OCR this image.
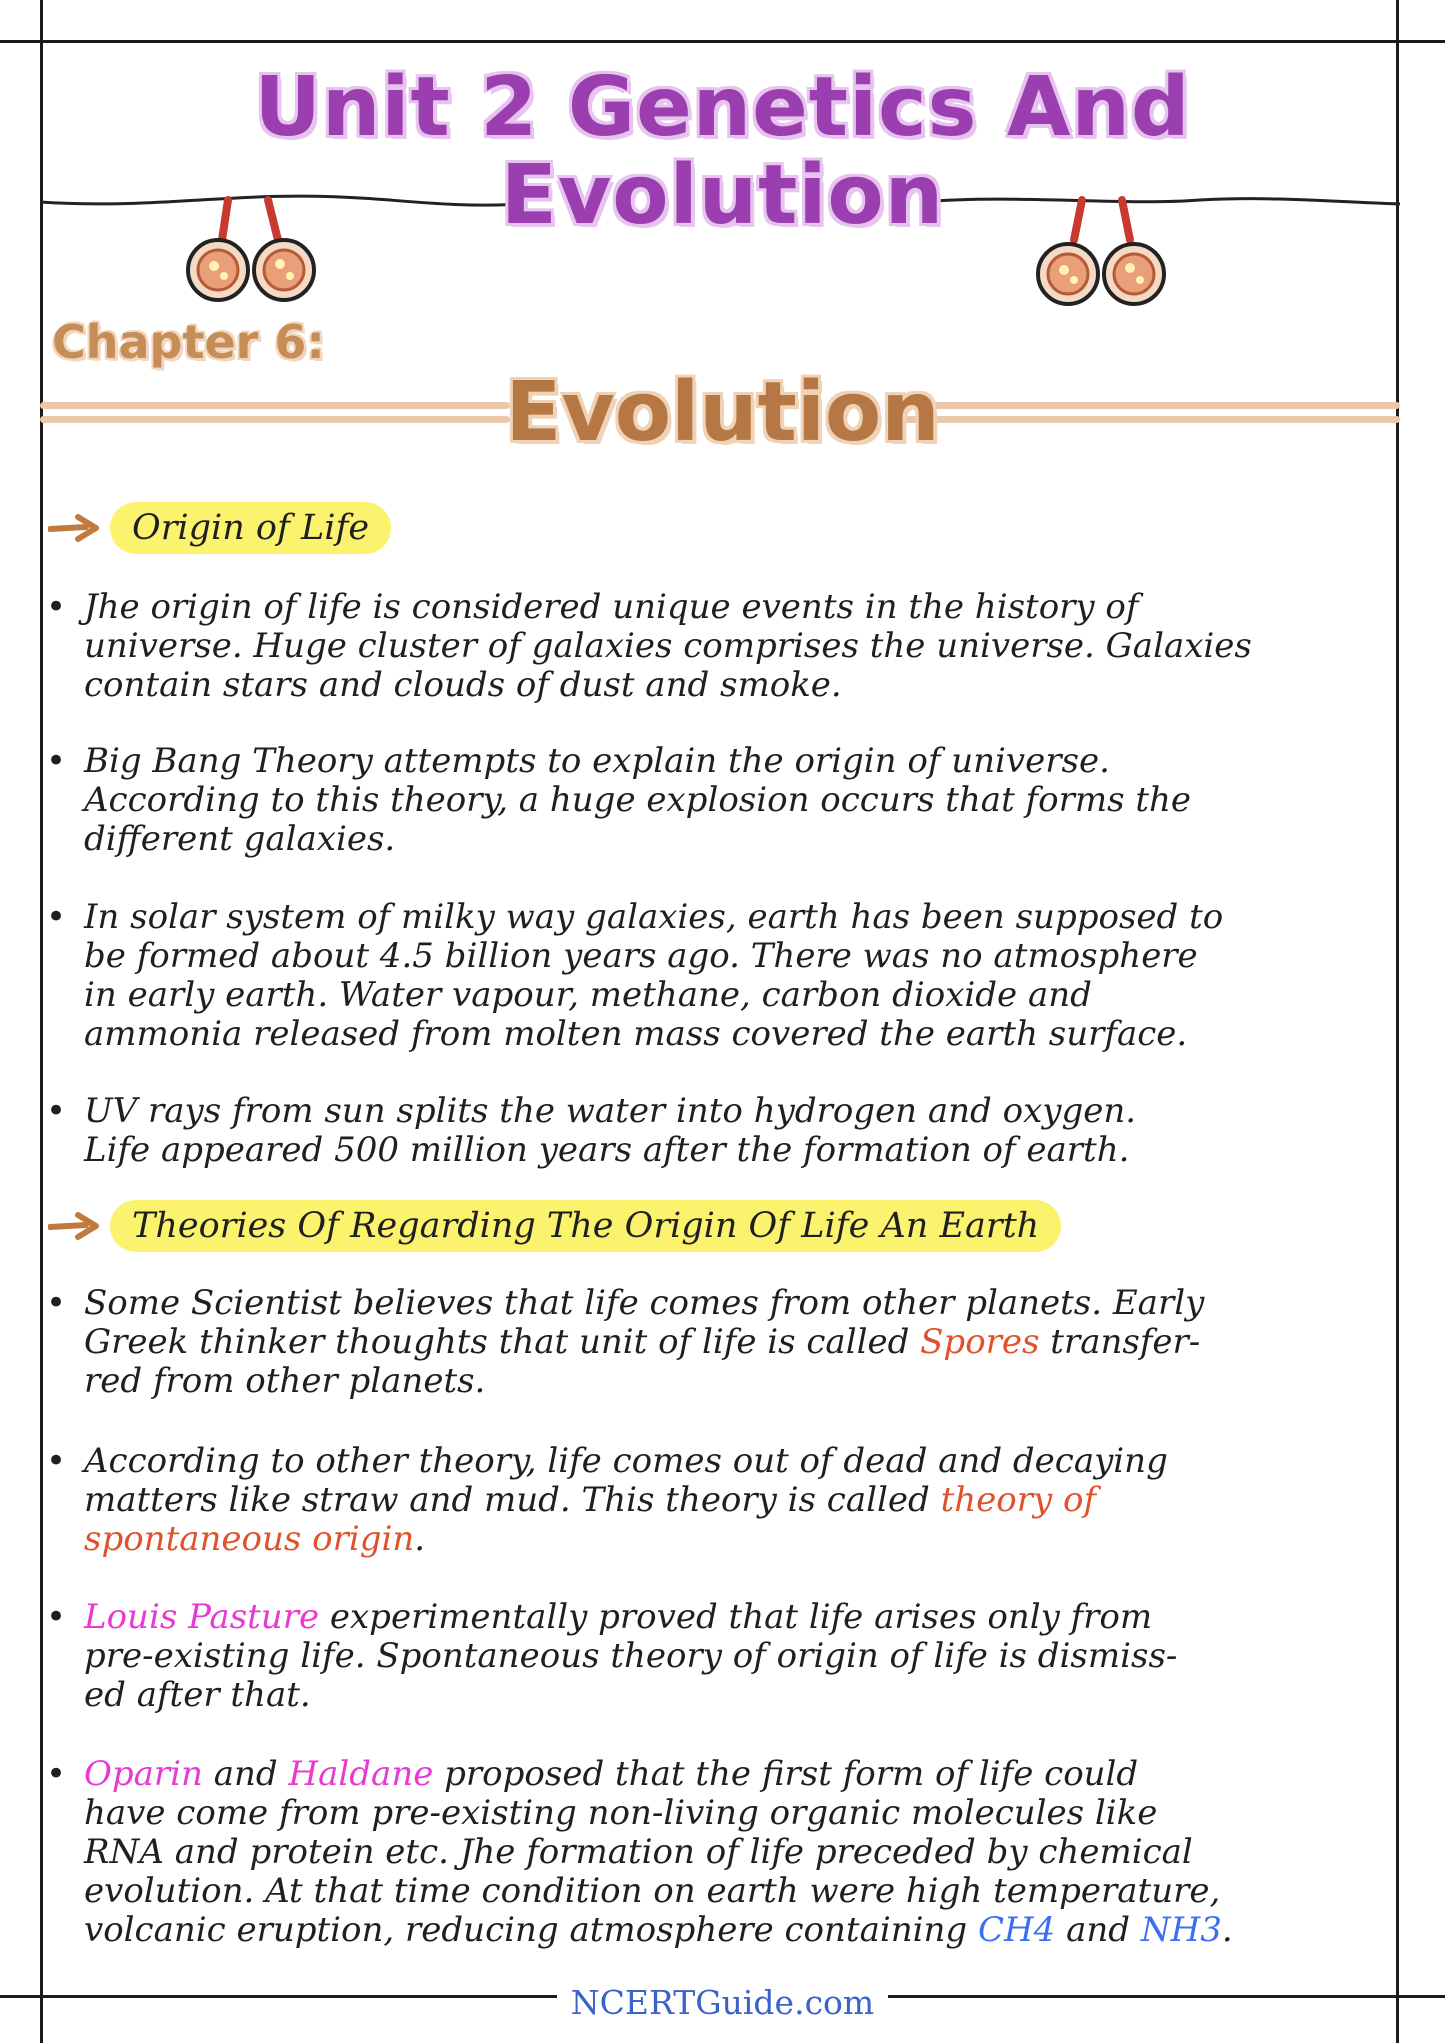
Unit 2 Genetics And
Evolution
Chapter 6:
Evolution
Origin of Life
• Jhe origin of life is considered unique events in the history of
universe. Huge cluster of galaxies comprises the universe. Galaxies
contain stars and clouds of dust and smoke.
• Big Bang Theory attempts to explain the origin of universe.
According to this theory, a huge explosion occurs that forms the
different galaxies.
• In solar system of milky way galaxies, earth has been supposed to
be formed about 4.5 billion years ago. There was no atmosphere
in early earth. Water vapour, methane, carbon dioxide and
ammonia released from molten mass covered the earth surface.
• UV rays from sun splits the water into hydrogen and oxygen.
Life appeared 500 million years after the formation of earth.
Theories Of Regarding The Origin Of Life An Earth
• Some Scientist believes that life comes from other planets. Early
Greek thinker thoughts that unit of life is called Spores transfer-
red from other planets.
• According to other theory, life comes out of dead and decaying
matters like straw and mud. This theory is called theory of
spontaneous origin.
• Louis Pasture experimentally proved that life arises only from
pre-existing life. Spontaneous theory of origin of life is dismiss-
ed after that.
• Oparin and Haldane proposed that the first form of life could
have come from pre-existing non-living organic molecules like
RNA and protein etc. Jhe formation of life preceded by chemical
evolution. At that time condition on earth were high temperature,
volcanic eruption, reducing atmosphere containing CH4 and NH3.
NCERTGuide.com
